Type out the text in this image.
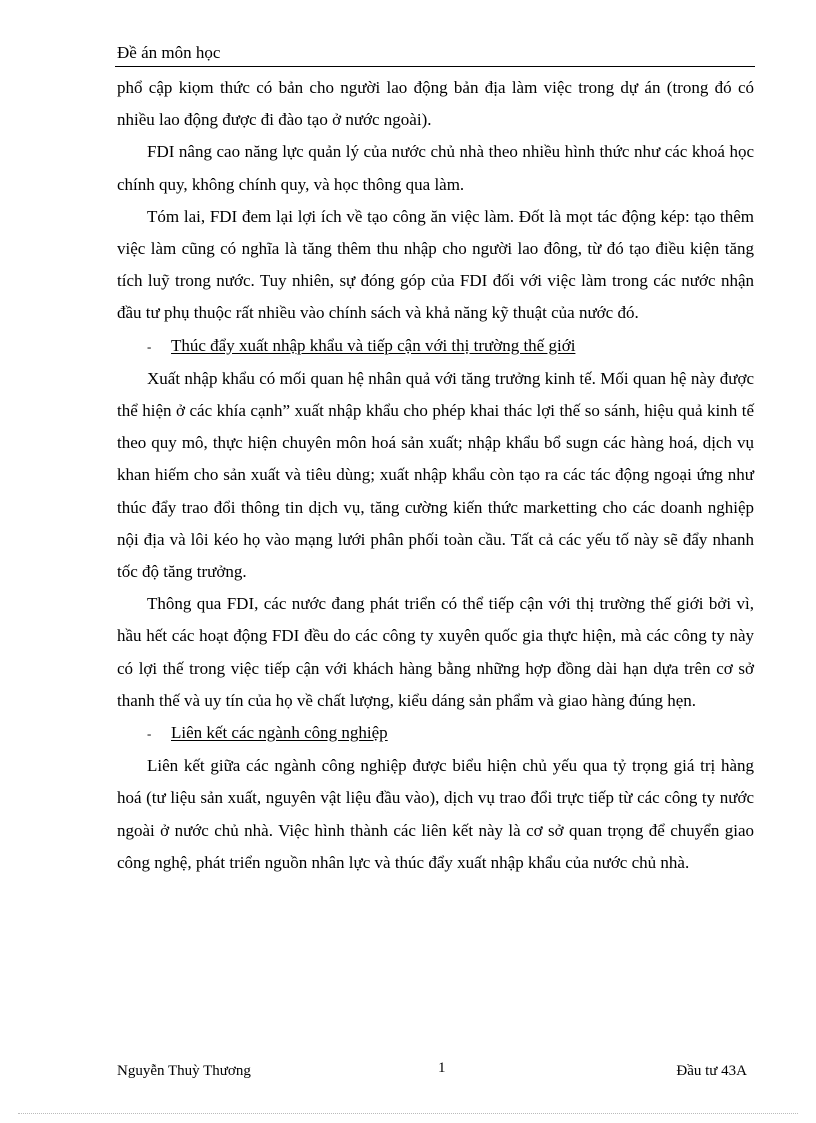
Đề án môn học

phổ cập kiọm thức có bản cho người lao động bản địa làm việc trong dự án (trong đó có nhiều lao động được đi đào tạo ở nước ngoài).

FDI nâng cao năng lực quản lý của nước chủ nhà theo nhiều hình thức như các khoá học chính quy, không chính quy, và học thông qua làm.

Tóm lai, FDI đem lại lợi ích về tạo công ăn việc làm. Đốt là mọt tác động kép: tạo thêm việc làm cũng có nghĩa là tăng thêm thu nhập cho người lao đông, từ đó tạo điều kiện tăng tích luỹ trong nước. Tuy nhiên, sự đóng góp của FDI đối với việc làm trong các nước nhận đầu tư phụ thuộc rất nhiều vào chính sách và khả năng kỹ thuật của nước đó.

- Thúc đẩy xuất nhập khẩu và tiếp cận với thị trường thế giới

Xuất nhập khẩu có mối quan hệ nhân quả với tăng trưởng kinh tế. Mối quan hệ này được thể hiện ở các khía cạnh” xuất nhập khẩu cho phép khai thác lợi thế so sánh, hiệu quả kinh tế theo quy mô, thực hiện chuyên môn hoá sản xuất; nhập khẩu bổ sugn các hàng hoá, dịch vụ khan hiếm cho sản xuất và tiêu dùng; xuất nhập khẩu còn tạo ra các tác động ngoại ứng như thúc đẩy trao đổi thông tin dịch vụ, tăng cường kiến thức marketting cho các doanh nghiệp nội địa và lôi kéo họ vào mạng lưới phân phối toàn cầu. Tất cả các yếu tố này sẽ đẩy nhanh tốc độ tăng trưởng.

Thông qua FDI, các nước đang phát triển có thể tiếp cận với thị trường thế giới bởi vì, hầu hết các hoạt động FDI đều do các công ty xuyên quốc gia thực hiện, mà các công ty này có lợi thế trong việc tiếp cận với khách hàng bằng những hợp đồng dài hạn dựa trên cơ sở thanh thế và uy tín của họ về chất lượng, kiểu dáng sản phẩm và giao hàng đúng hẹn.

- Liên kết các ngành công nghiệp

Liên kết giữa các ngành công nghiệp được biểu hiện chủ yếu qua tỷ trọng giá trị hàng hoá (tư liệu sản xuất, nguyên vật liệu đầu vào), dịch vụ trao đổi trực tiếp từ các công ty nước ngoài ở nước chủ nhà. Việc hình thành các liên kết này là cơ sở quan trọng để chuyển giao công nghệ, phát triển nguồn nhân lực và thúc đẩy xuất nhập khẩu của nước chủ nhà.

Nguyễn Thuỳ Thương	1	Đầu tư 43A
